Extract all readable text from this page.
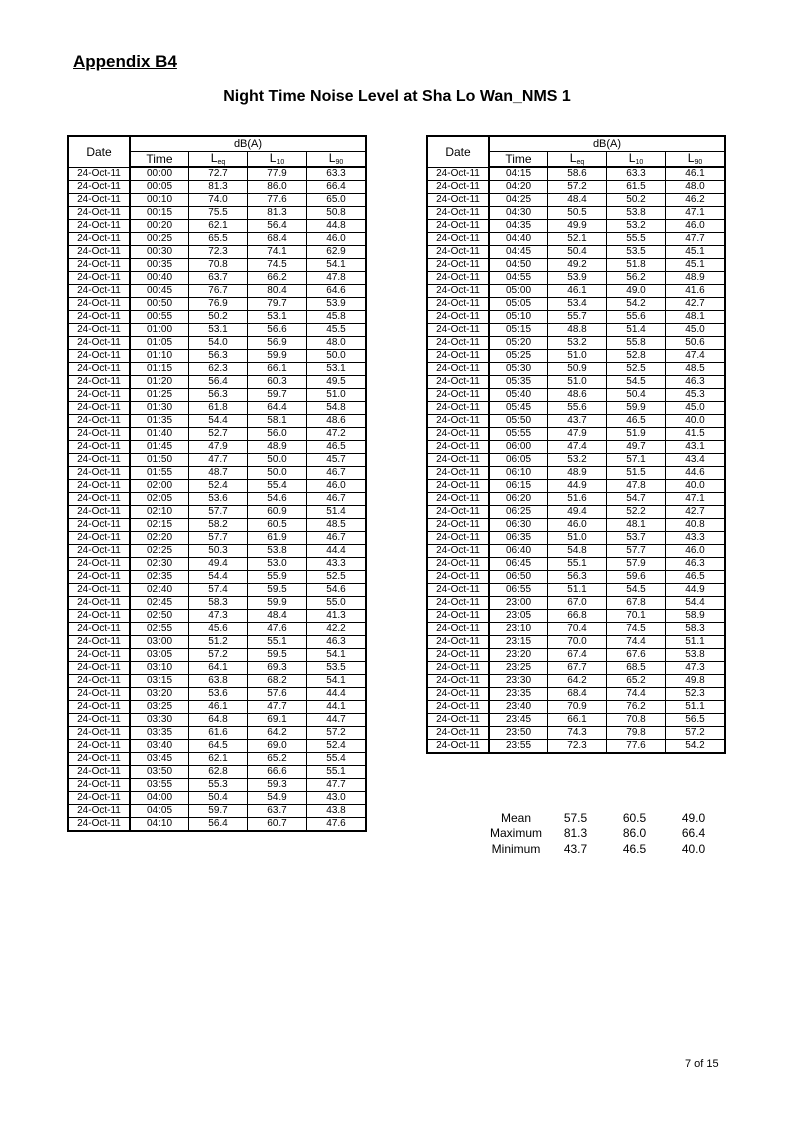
Appendix B4
Night Time Noise Level at Sha Lo Wan_NMS 1
Date	dB(A)			
	Time	$L_{eq}$	$L_{10}$	$L_{90}$
24-Oct-11	00:00	72.7	77.9	63.3
24-Oct-11	00:05	81.3	86.0	66.4
24-Oct-11	00:10	74.0	77.6	65.0
24-Oct-11	00:15	75.5	81.3	50.8
24-Oct-11	00:20	62.1	56.4	44.8
24-Oct-11	00:25	65.5	68.4	46.0
24-Oct-11	00:30	72.3	74.1	62.9
24-Oct-11	00:35	70.8	74.5	54.1
24-Oct-11	00:40	63.7	66.2	47.8
24-Oct-11	00:45	76.7	80.4	64.6
24-Oct-11	00:50	76.9	79.7	53.9
24-Oct-11	00:55	50.2	53.1	45.8
24-Oct-11	01:00	53.1	56.6	45.5
24-Oct-11	01:05	54.0	56.9	48.0
24-Oct-11	01:10	56.3	59.9	50.0
24-Oct-11	01:15	62.3	66.1	53.1
24-Oct-11	01:20	56.4	60.3	49.5
24-Oct-11	01:25	56.3	59.7	51.0
24-Oct-11	01:30	61.8	64.4	54.8
24-Oct-11	01:35	54.4	58.1	48.6
24-Oct-11	01:40	52.7	56.0	47.2
24-Oct-11	01:45	47.9	48.9	46.5
24-Oct-11	01:50	47.7	50.0	45.7
24-Oct-11	01:55	48.7	50.0	46.7
24-Oct-11	02:00	52.4	55.4	46.0
24-Oct-11	02:05	53.6	54.6	46.7
24-Oct-11	02:10	57.7	60.9	51.4
24-Oct-11	02:15	58.2	60.5	48.5
24-Oct-11	02:20	57.7	61.9	46.7
24-Oct-11	02:25	50.3	53.8	44.4
24-Oct-11	02:30	49.4	53.0	43.3
24-Oct-11	02:35	54.4	55.9	52.5
24-Oct-11	02:40	57.4	59.5	54.6
24-Oct-11	02:45	58.3	59.9	55.0
24-Oct-11	02:50	47.3	48.4	41.3
24-Oct-11	02:55	45.6	47.6	42.2
24-Oct-11	03:00	51.2	55.1	46.3
24-Oct-11	03:05	57.2	59.5	54.1
24-Oct-11	03:10	64.1	69.3	53.5
24-Oct-11	03:15	63.8	68.2	54.1
24-Oct-11	03:20	53.6	57.6	44.4
24-Oct-11	03:25	46.1	47.7	44.1
24-Oct-11	03:30	64.8	69.1	44.7
24-Oct-11	03:35	61.6	64.2	57.2
24-Oct-11	03:40	64.5	69.0	52.4
24-Oct-11	03:45	62.1	65.2	55.4
24-Oct-11	03:50	62.8	66.6	55.1
24-Oct-11	03:55	55.3	59.3	47.7
24-Oct-11	04:00	50.4	54.9	43.0
24-Oct-11	04:05	59.7	63.7	43.8
24-Oct-11	04:10	56.4	60.7	47.6
Date	dB(A)			
	Time	$L_{eq}$	$L_{10}$	$L_{90}$
24-Oct-11	04:15	58.6	63.3	46.1
24-Oct-11	04:20	57.2	61.5	48.0
24-Oct-11	04:25	48.4	50.2	46.2
24-Oct-11	04:30	50.5	53.8	47.1
24-Oct-11	04:35	49.9	53.2	46.0
24-Oct-11	04:40	52.1	55.5	47.7
24-Oct-11	04:45	50.4	53.5	45.1
24-Oct-11	04:50	49.2	51.8	45.1
24-Oct-11	04:55	53.9	56.2	48.9
24-Oct-11	05:00	46.1	49.0	41.6
24-Oct-11	05:05	53.4	54.2	42.7
24-Oct-11	05:10	55.7	55.6	48.1
24-Oct-11	05:15	48.8	51.4	45.0
24-Oct-11	05:20	53.2	55.8	50.6
24-Oct-11	05:25	51.0	52.8	47.4
24-Oct-11	05:30	50.9	52.5	48.5
24-Oct-11	05:35	51.0	54.5	46.3
24-Oct-11	05:40	48.6	50.4	45.3
24-Oct-11	05:45	55.6	59.9	45.0
24-Oct-11	05:50	43.7	46.5	40.0
24-Oct-11	05:55	47.9	51.9	41.5
24-Oct-11	06:00	47.4	49.7	43.1
24-Oct-11	06:05	53.2	57.1	43.4
24-Oct-11	06:10	48.9	51.5	44.6
24-Oct-11	06:15	44.9	47.8	40.0
24-Oct-11	06:20	51.6	54.7	47.1
24-Oct-11	06:25	49.4	52.2	42.7
24-Oct-11	06:30	46.0	48.1	40.8
24-Oct-11	06:35	51.0	53.7	43.3
24-Oct-11	06:40	54.8	57.7	46.0
24-Oct-11	06:45	55.1	57.9	46.3
24-Oct-11	06:50	56.3	59.6	46.5
24-Oct-11	06:55	51.1	54.5	44.9
24-Oct-11	23:00	67.0	67.8	54.4
24-Oct-11	23:05	66.8	70.1	58.9
24-Oct-11	23:10	70.4	74.5	58.3
24-Oct-11	23:15	70.0	74.4	51.1
24-Oct-11	23:20	67.4	67.6	53.8
24-Oct-11	23:25	67.7	68.5	47.3
24-Oct-11	23:30	64.2	65.2	49.8
24-Oct-11	23:35	68.4	74.4	52.3
24-Oct-11	23:40	70.9	76.2	51.1
24-Oct-11	23:45	66.1	70.8	56.5
24-Oct-11	23:50	74.3	79.8	57.2
24-Oct-11	23:55	72.3	77.6	54.2
Mean	57.5	60.5	49.0
Maximum	81.3	86.0	66.4
Minimum	43.7	46.5	40.0
7 of 15
